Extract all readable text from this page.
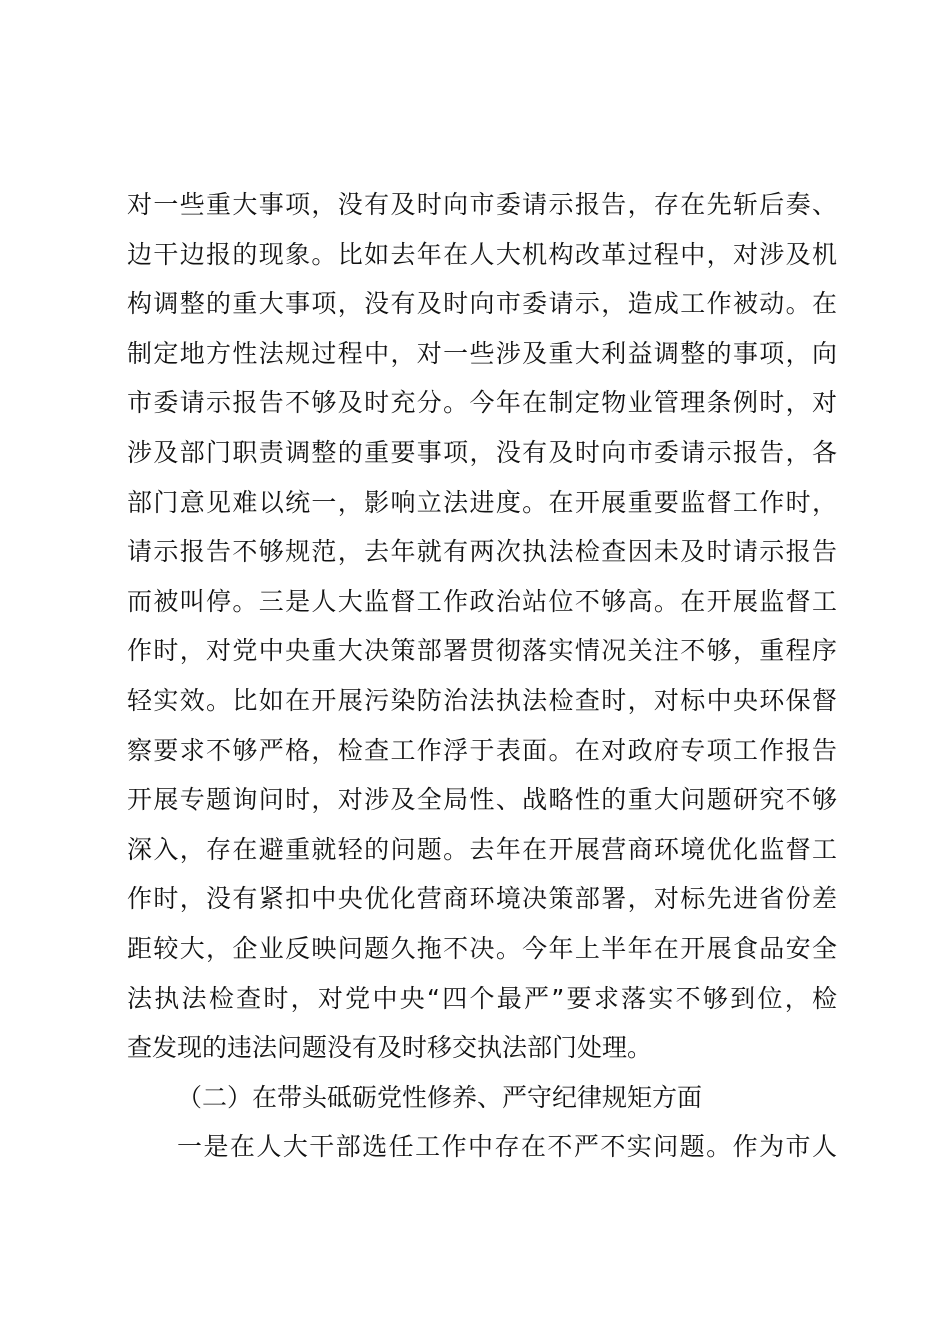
对一些重大事项，没有及时向市委请示报告，存在先斩后奏、
边干边报的现象。比如去年在人大机构改革过程中，对涉及机
构调整的重大事项，没有及时向市委请示，造成工作被动。在
制定地方性法规过程中，对一些涉及重大利益调整的事项，向
市委请示报告不够及时充分。今年在制定物业管理条例时，对
涉及部门职责调整的重要事项，没有及时向市委请示报告，各
部门意见难以统一，影响立法进度。在开展重要监督工作时，
请示报告不够规范，去年就有两次执法检查因未及时请示报告
而被叫停。三是人大监督工作政治站位不够高。在开展监督工
作时，对党中央重大决策部署贯彻落实情况关注不够，重程序
轻实效。比如在开展污染防治法执法检查时，对标中央环保督
察要求不够严格，检查工作浮于表面。在对政府专项工作报告
开展专题询问时，对涉及全局性、战略性的重大问题研究不够
深入，存在避重就轻的问题。去年在开展营商环境优化监督工
作时，没有紧扣中央优化营商环境决策部署，对标先进省份差
距较大，企业反映问题久拖不决。今年上半年在开展食品安全
法执法检查时，对党中央“四个最严”要求落实不够到位，检
查发现的违法问题没有及时移交执法部门处理。
（二）在带头砥砺党性修养、严守纪律规矩方面
一是在人大干部选任工作中存在不严不实问题。作为市人
